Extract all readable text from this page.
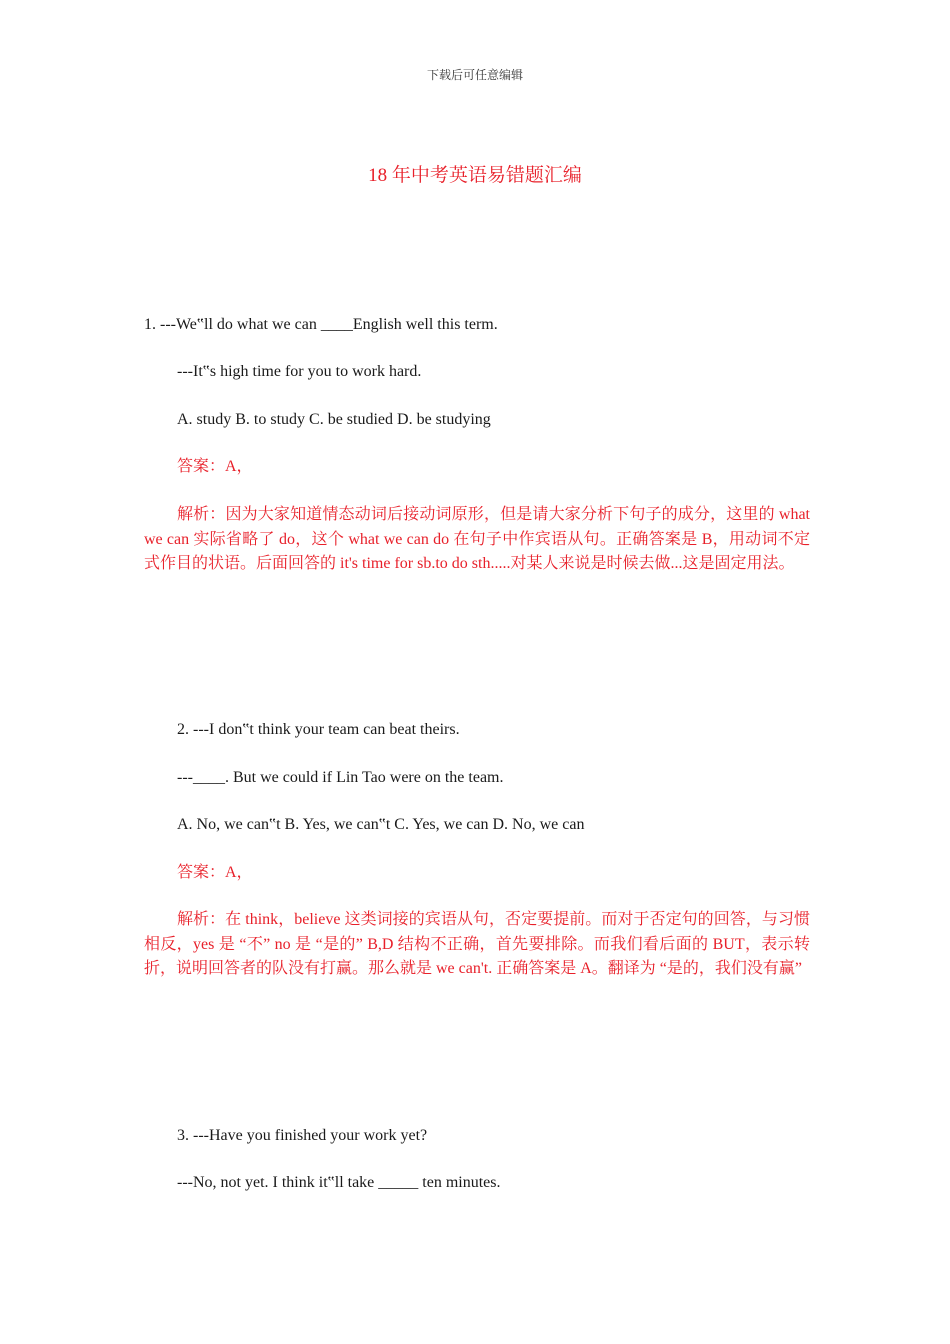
下载后可任意编辑
18 年中考英语易错题汇编
1. ---We‟ll do what we can ____English well this term.
---It‟s high time for you to work hard.
A. study B. to study C. be studied D. be studying
答案：A，
解析：因为大家知道情态动词后接动词原形，但是请大家分析下句子的成分，这里的 what we can 实际省略了 do，这个 what we can do 在句子中作宾语从句。正确答案是 B，用动词不定式作目的状语。后面回答的 it's time for sb.to do sth.....对某人来说是时候去做...这是固定用法。
2. ---I don‟t think your team can beat theirs.
---____. But we could if Lin Tao were on the team.
A. No, we can‟t B. Yes, we can‟t C. Yes, we can D. No, we can
答案：A，
解析：在 think，believe 这类词接的宾语从句，否定要提前。而对于否定句的回答，与习惯相反，yes 是 “不” no 是 “是的” B,D 结构不正确，首先要排除。而我们看后面的 BUT，表示转折，说明回答者的队没有打赢。那么就是 we can't. 正确答案是 A。翻译为 “是的，我们没有赢”
3. ---Have you finished your work yet?
---No, not yet. I think it‟ll take _____ ten minutes.
